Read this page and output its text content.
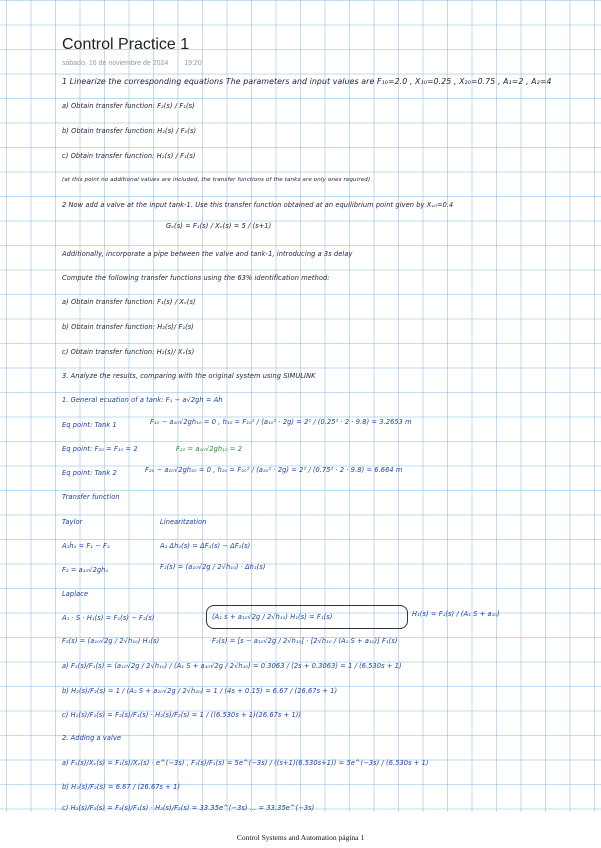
Control Practice 1
sábado, 16 de noviembre de 2024 19:20
1 Linearize the corresponding equations The parameters and input values are F₁₀=2.0 , X₁₀=0.25 , X₂₀=0.75 , A₁=2 , A₂=4
a) Obtain transfer function: F₂(s) / F₁(s)
b) Obtain transfer function: H₂(s) / F₁(s)
c) Obtain transfer function: H₂(s) / F₁(s)
(at this point no additional values are included, the transfer functions of the tanks are only ones required)
2 Now add a valve at the input tank-1. Use this transfer function obtained at an equilibrium point given by Xᵥ₀=0.4
Gᵥ(s) = F₁(s) / Xᵥ(s) = 5 / (s+1)
Additionally, incorporate a pipe between the valve and tank-1, introducing a 3s delay
Compute the following transfer functions using the 63% identification method:
a) Obtain transfer function: F₁(s) / Xᵥ(s)
b) Obtain transfer function: H₂(s)/ F₁(s)
c) Obtain transfer function: H₂(s)/ Xᵥ(s)
3. Analyze the results, comparing with the original system using SIMULINK
1. General ecuation of a tank: F₁ − a√2gh = Aḣ
Eq point: Tank 1	F₁₀ − a₁₀√2gh₁₀ = 0 , h₁₀ = F₁₀² / (a₁₀² · 2g) = 2² / (0.25² · 2 · 9.8) = 3.2653 m
Eq point: F₂₀ = F₁₀ = 2	F₂₀ = a₁₀√2gh₁₀ = 2
Eq point: Tank 2	F₂₀ − a₂₀√2gh₂₀ = 0 , h₂₀ = F₂₀² / (a₂₀² · 2g) = 2² / (0.75² · 2 · 9.8) = 6.664 m
Transfer function
Taylor	Linearitzation
A₁ḣ₁ = F₁ − F₂	A₁ Δh₁(s) = ΔF₁(s) − ΔF₂(s)
F₂ = a₁₀√2gh₁	F₂(s) = (a₁₀√2g / 2√h₁₀) · Δh₁(s)
Laplace
A₁ · S · H₁(s) = F₁(s) − F₂(s)	(A₁ s + a₁₀√2g / 2√h₁₀) H₁(s) = F₁(s)	H₁(s) = F₁(s) / (A₁ S + a₁₀)
F₂(s) = (a₁₀√2g / 2√h₁₀) H₁(s)	F₂(s) = [s − a₁₀√2g / 2√h₁₀] · [2√h₁₀ / (A₁ S + a₁₀)] F₁(s)
a) F₂(s)/F₁(s) = (a₁₀√2g / 2√h₁₀) / (A₁ S + a₁₀√2g / 2√h₁₀) = 0.3063 / (2s + 0.3063) = 1 / (6.530s + 1)
b) H₂(s)/F₂(s) = 1 / (A₂ S + a₂₀√2g / 2√h₂₀) = 1 / (4s + 0.15) = 6.67 / (26.67s + 1)
c) H₂(s)/F₁(s) = F₂(s)/F₁(s) · H₂(s)/F₂(s) = 1 / ((6.530s + 1)(26.67s + 1))
2. Adding a valve
a) F₁(s)/Xᵥ(s) = F₁(s)/Xᵥ(s) · e^(−3s) , F₂(s)/F₁(s) = 5e^(−3s) / ((s+1)(6.530s+1)) = 5e^(−3s) / (6.530s + 1)
b) H₂(s)/F₂(s) = 6.67 / (26.67s + 1)
c) H₂(s)/F₁(s) = F₂(s)/F₁(s) · H₂(s)/F₂(s) = 33.35e^(−3s) ... = 33.35e^(−3s)
Control Systems and Automation página 1
